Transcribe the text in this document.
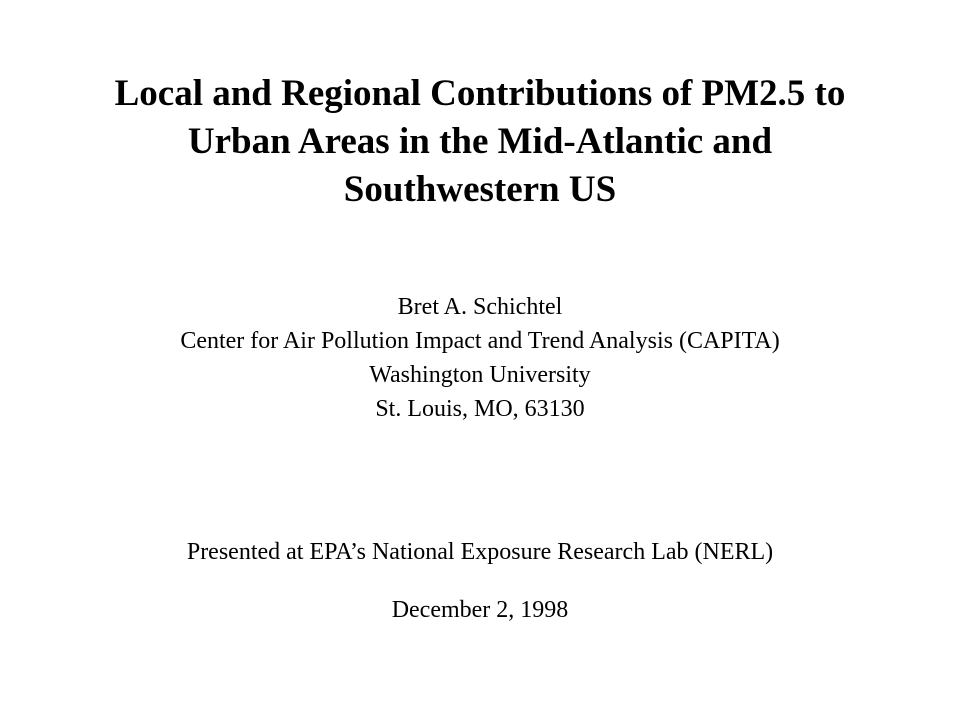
Local and Regional Contributions of PM2.5 to
Urban Areas in the Mid-Atlantic and
Southwestern US
Bret A. Schichtel
Center for Air Pollution Impact and Trend Analysis (CAPITA)
Washington University
St. Louis, MO, 63130
Presented at EPA’s National Exposure Research Lab (NERL)
December 2, 1998
